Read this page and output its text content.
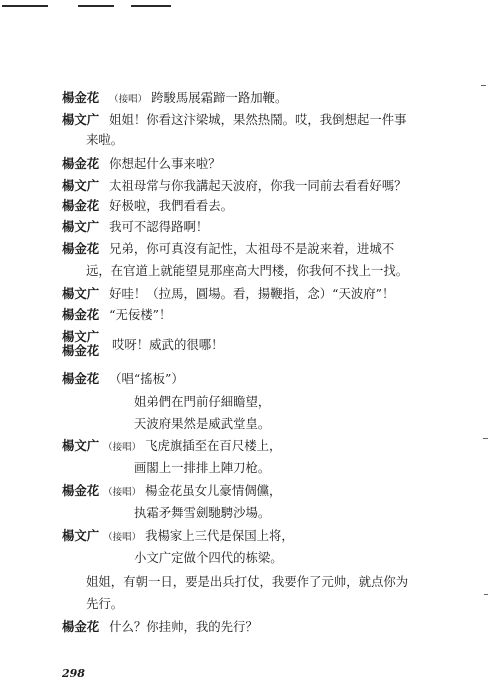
楊金花 （接唱） 跨駿馬展霜蹄一路加鞭。
楊文广 姐姐！你看这汴梁城，果然热鬧。哎，我倒想起一件事
来啦。
楊金花 你想起什么事来啦？
楊文广 太祖母常与你我講起天波府，你我一同前去看看好嗎？
楊金花 好极啦，我們看看去。
楊文广 我可不認得路啊！
楊金花 兄弟，你可真沒有記性，太祖母不是說来着，进城不
远，在官道上就能望見那座高大門楼，你我何不找上一找。
楊文广 好哇！（拉馬，圓場。看，揚鞭指，念）“天波府”！
楊金花 “无佞楼”！
楊文广 楊金花	哎呀！威武的很哪！
楊金花 （唱“搖板”）
姐弟們在門前仔細瞻望，
天波府果然是威武堂皇。
楊文广 （接唱） 飞虎旗插至在百尺楼上，
画閣上一排排上陣刀枪。
楊金花 （接唱） 楊金花虽女儿豪情倜儻，
执霜矛舞雪劍馳騁沙場。
楊文广 （接唱） 我楊家上三代是保国上将，
小文广定做个四代的栋梁。
姐姐，有朝一日，要是出兵打仗，我要作了元帅，就点你为
先行。
楊金花 什么？你挂帅，我的先行？
298
